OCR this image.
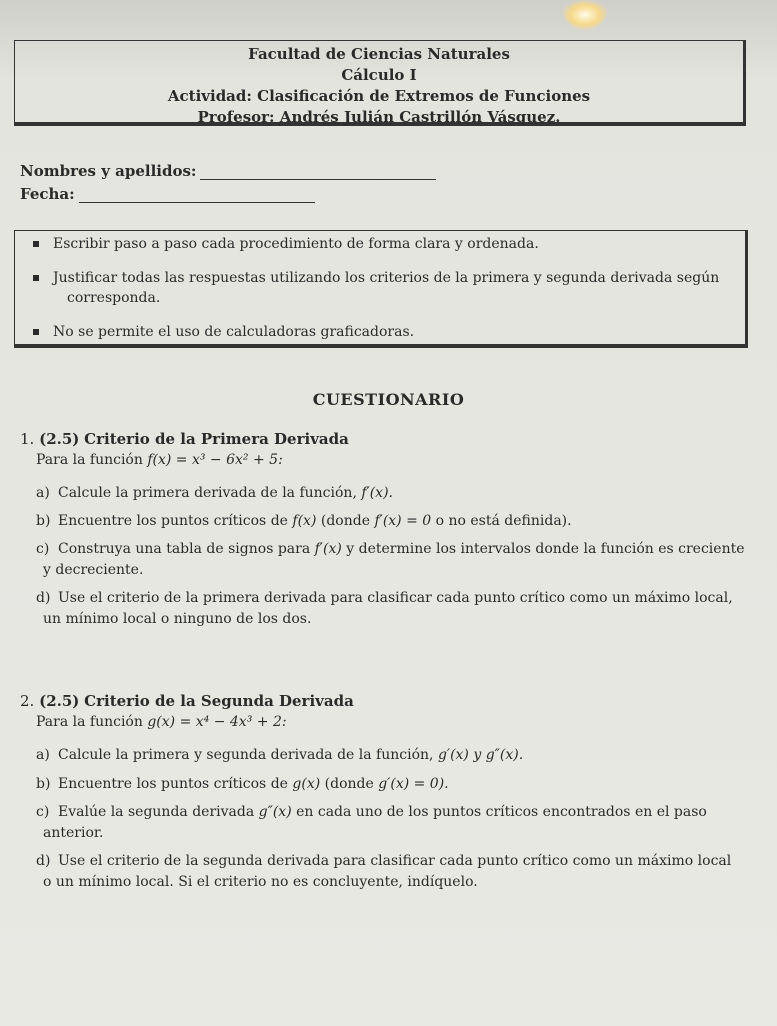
Facultad de Ciencias Naturales
Cálculo I
Actividad: Clasificación de Extremos de Funciones
Profesor: Andrés Julián Castrillón Vásquez.
Nombres y apellidos:
Fecha:
Escribir paso a paso cada procedimiento de forma clara y ordenada.
Justificar todas las respuestas utilizando los criterios de la primera y segunda derivada según
corresponda.
No se permite el uso de calculadoras graficadoras.
CUESTIONARIO
1. (2.5) Criterio de la Primera Derivada
Para la función f(x) = x³ − 6x² + 5:
a) Calcule la primera derivada de la función, f′(x).
b) Encuentre los puntos críticos de f(x) (donde f′(x) = 0 o no está definida).
c) Construya una tabla de signos para f′(x) y determine los intervalos donde la función es creciente
y decreciente.
d) Use el criterio de la primera derivada para clasificar cada punto crítico como un máximo local,
un mínimo local o ninguno de los dos.
2. (2.5) Criterio de la Segunda Derivada
Para la función g(x) = x⁴ − 4x³ + 2:
a) Calcule la primera y segunda derivada de la función, g′(x) y g″(x).
b) Encuentre los puntos críticos de g(x) (donde g′(x) = 0).
c) Evalúe la segunda derivada g″(x) en cada uno de los puntos críticos encontrados en el paso
anterior.
d) Use el criterio de la segunda derivada para clasificar cada punto crítico como un máximo local
o un mínimo local. Si el criterio no es concluyente, indíquelo.
